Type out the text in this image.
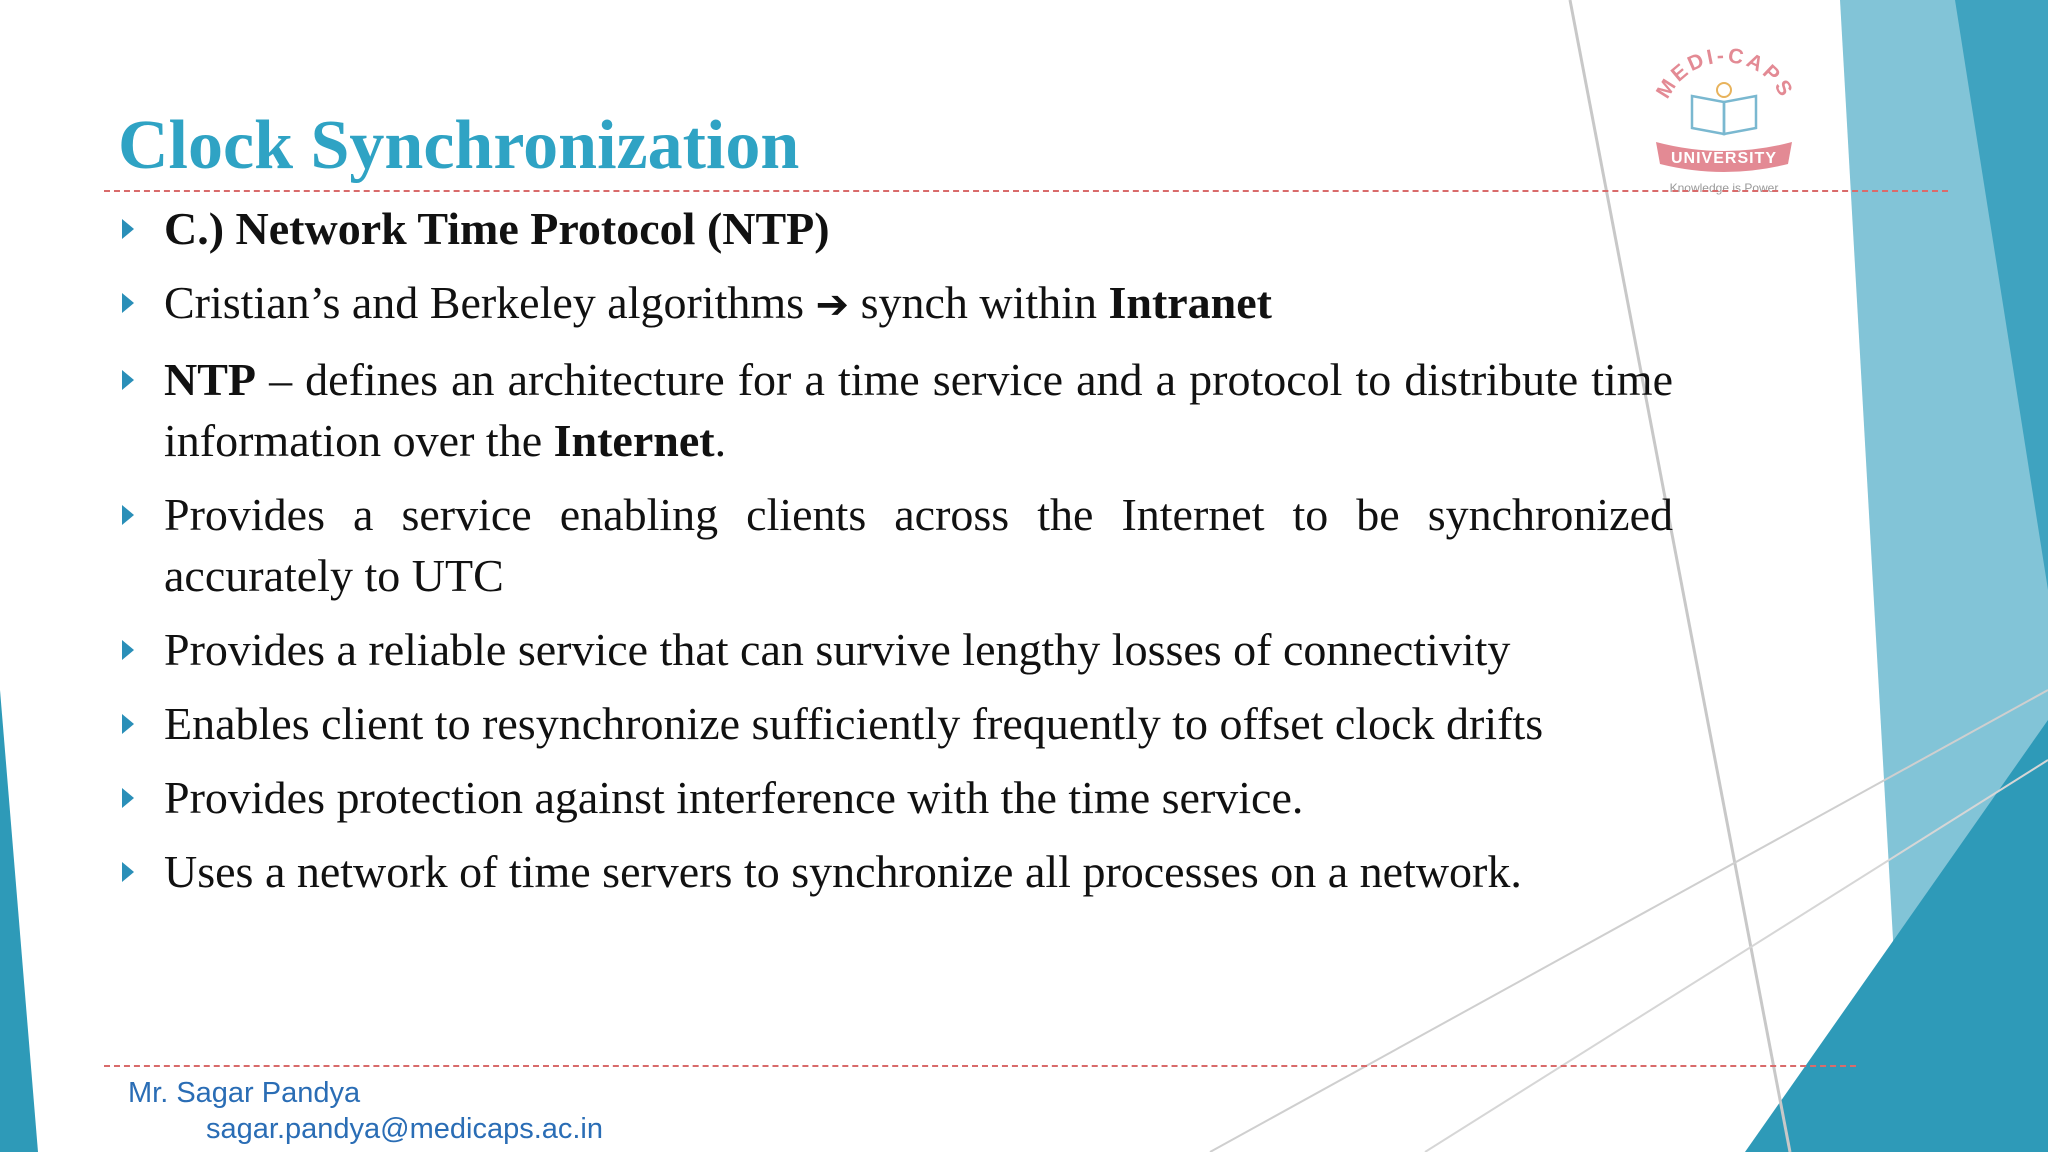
MEDI-CAPS
UNIVERSITY
Knowledge is Power
Clock Synchronization
C.) Network Time Protocol (NTP)
Cristian’s and Berkeley algorithms ➔ synch within Intranet
NTP – defines an architecture for a time service and a protocol to distribute time information over the Internet.
Provides a service enabling clients across the Internet to be synchronized accurately to UTC
Provides a reliable service that can survive lengthy losses of connectivity
Enables client to resynchronize sufficiently frequently to offset clock drifts
Provides protection against interference with the time service.
Uses a network of time servers to synchronize all processes on a network.
Mr. Sagar Pandya
sagar.pandya@medicaps.ac.in
